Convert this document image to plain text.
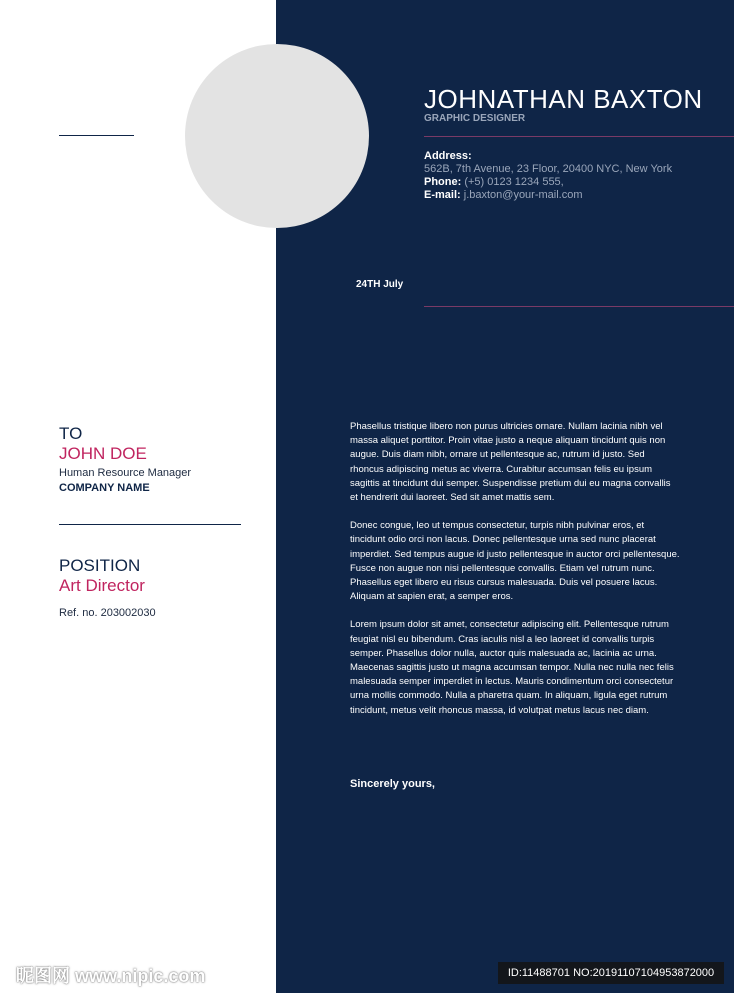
JOHNATHAN BAXTON
GRAPHIC DESIGNER
Address:
562B, 7th Avenue, 23 Floor, 20400 NYC, New York
Phone: (+5) 0123 1234 555,
E-mail: j.baxton@your-mail.com
24TH July
TO
JOHN DOE
Human Resource Manager
COMPANY NAME
POSITION
Art Director
Ref. no. 203002030

Phasellus tristique libero non purus ultricies ornare. Nullam lacinia nibh vel massa aliquet porttitor. Proin vitae justo a neque aliquam tincidunt quis non augue. Duis diam nibh, ornare ut pellentesque ac, rutrum id justo. Sed rhoncus adipiscing metus ac viverra. Curabitur accumsan felis eu ipsum sagittis at tincidunt dui semper. Suspendisse pretium dui eu magna convallis et hendrerit dui laoreet. Sed sit amet mattis sem.

Donec congue, leo ut tempus consectetur, turpis nibh pulvinar eros, et tincidunt odio orci non lacus. Donec pellentesque urna sed nunc placerat imperdiet. Sed tempus augue id justo pellentesque in auctor orci pellentesque. Fusce non augue non nisi pellentesque convallis. Etiam vel rutrum nunc. Phasellus eget libero eu risus cursus malesuada. Duis vel posuere lacus. Aliquam at sapien erat, a semper eros.

Lorem ipsum dolor sit amet, consectetur adipiscing elit. Pellentesque rutrum feugiat nisl eu bibendum. Cras iaculis nisl a leo laoreet id convallis turpis semper. Phasellus dolor nulla, auctor quis malesuada ac, lacinia ac urna. Maecenas sagittis justo ut magna accumsan tempor. Nulla nec nulla nec felis malesuada semper imperdiet in lectus. Mauris condimentum orci consectetur urna mollis commodo. Nulla a pharetra quam. In aliquam, ligula eget rutrum tincidunt, metus velit rhoncus massa, id volutpat metus lacus nec diam.

Sincerely yours,
昵图网 www.nipic.com	ID:11488701 NO:20191107104953872000
